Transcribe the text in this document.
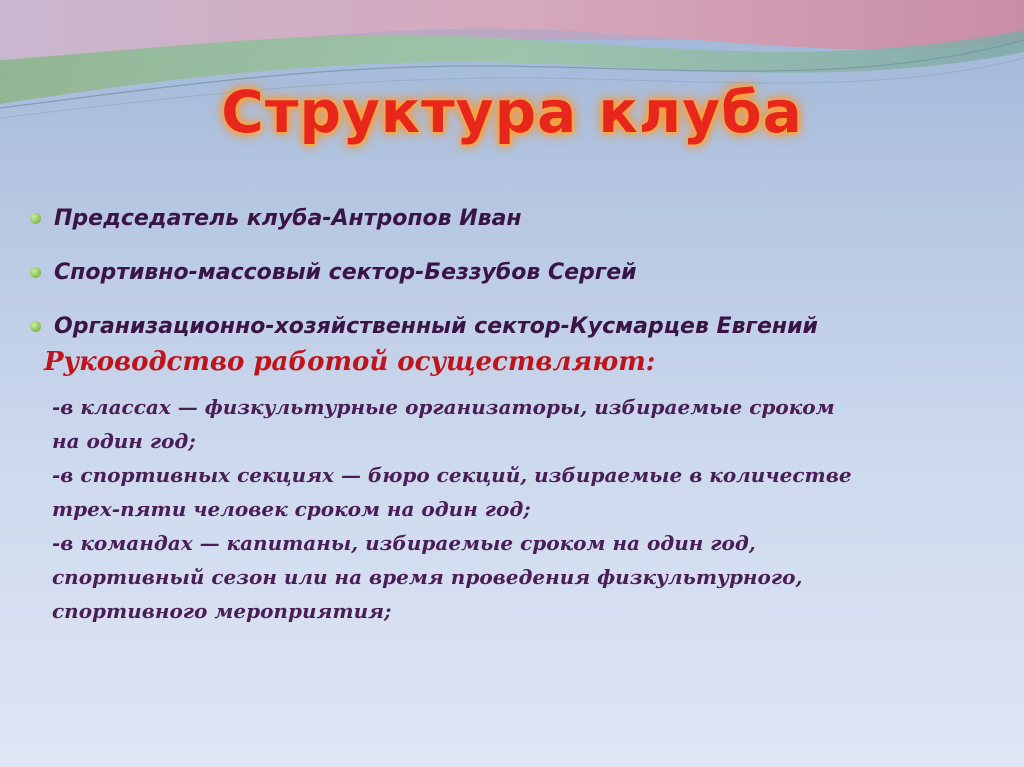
Структура клуба
Председатель клуба-Антропов Иван
Спортивно-массовый сектор-Беззубов Сергей
Организационно-хозяйственный сектор-Кусмарцев Евгений
Руководство работой осуществляют:
-в классах — физкультурные организаторы, избираемые сроком
на один год;
-в спортивных секциях — бюро секций, избираемые в количестве
трех-пяти человек сроком на один год;
-в командах — капитаны, избираемые сроком на один год,
спортивный сезон или на время проведения физкультурного,
спортивного мероприятия;
